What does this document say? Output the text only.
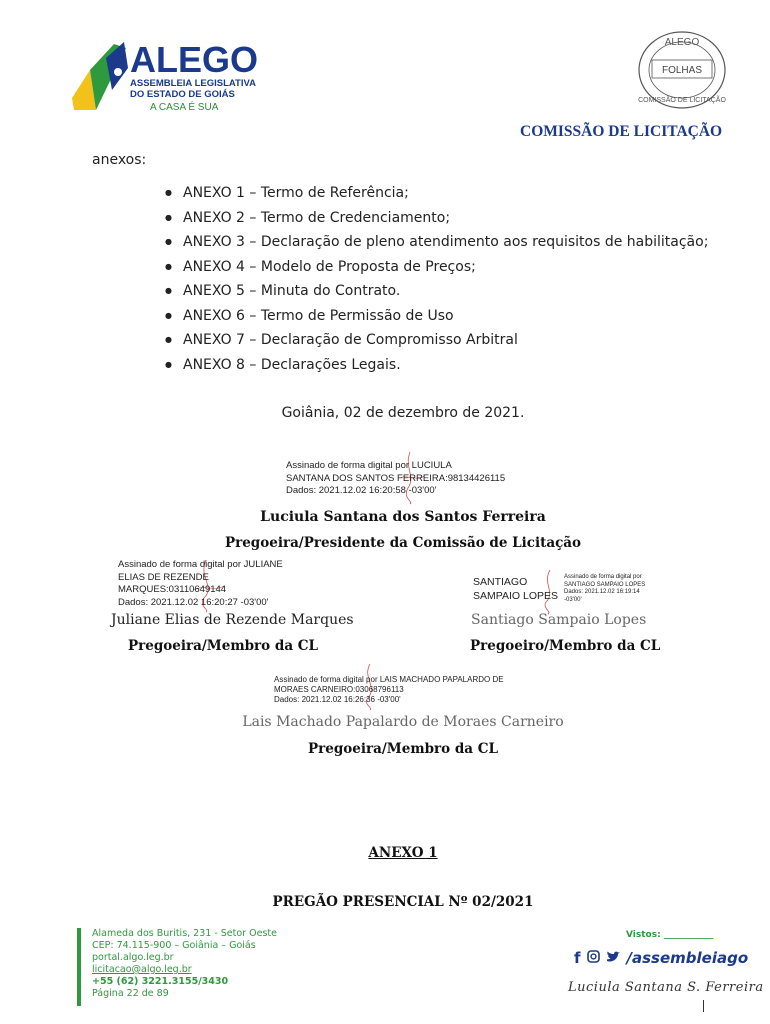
ALEGO
ASSEMBLEIA LEGISLATIVA
DO ESTADO DE GOIÁS
A CASA É SUA
ALEGO
FOLHAS
COMISSÃO DE LICITAÇÃO
COMISSÃO DE LICITAÇÃO
anexos:
● ANEXO 1 – Termo de Referência;
● ANEXO 2 – Termo de Credenciamento;
● ANEXO 3 – Declaração de pleno atendimento aos requisitos de habilitação;
● ANEXO 4 – Modelo de Proposta de Preços;
● ANEXO 5 – Minuta do Contrato.
● ANEXO 6 – Termo de Permissão de Uso
● ANEXO 7 – Declaração de Compromisso Arbitral
● ANEXO 8 – Declarações Legais.
Goiânia, 02 de dezembro de 2021.
Assinado de forma digital por LUCIULA
SANTANA DOS SANTOS FERREIRA:98134426115
Dados: 2021.12.02 16:20:58 -03'00'
Luciula Santana dos Santos Ferreira
Pregoeira/Presidente da Comissão de Licitação
Assinado de forma digital por JULIANE
ELIAS DE REZENDE
MARQUES:03110649144
Dados: 2021.12.02 16:20:27 -03'00'
Juliane Elias de Rezende Marques
Pregoeira/Membro da CL
SANTIAGO
SAMPAIO LOPES
Assinado de forma digital por
SANTIAGO SAMPAIO LOPES
Dados: 2021.12.02 16:19:14
-03'00'
Santiago Sampaio Lopes
Pregoeiro/Membro da CL
Assinado de forma digital por LAIS MACHADO PAPALARDO DE
MORAES CARNEIRO:03068796113
Dados: 2021.12.02 16:26:36 -03'00'
Lais Machado Papalardo de Moraes Carneiro
Pregoeira/Membro da CL
ANEXO 1
PREGÃO PRESENCIAL Nº 02/2021
Alameda dos Buritis, 231 - Setor Oeste
CEP: 74.115-900 – Goiânia – Goiás
portal.algo.leg.br
licitacao@algo.leg.br
+55 (62) 3221.3155/3430
Página 22 de 89
Vistos: ___________
f	/assembleiago
Luciula Santana S. Ferreira
